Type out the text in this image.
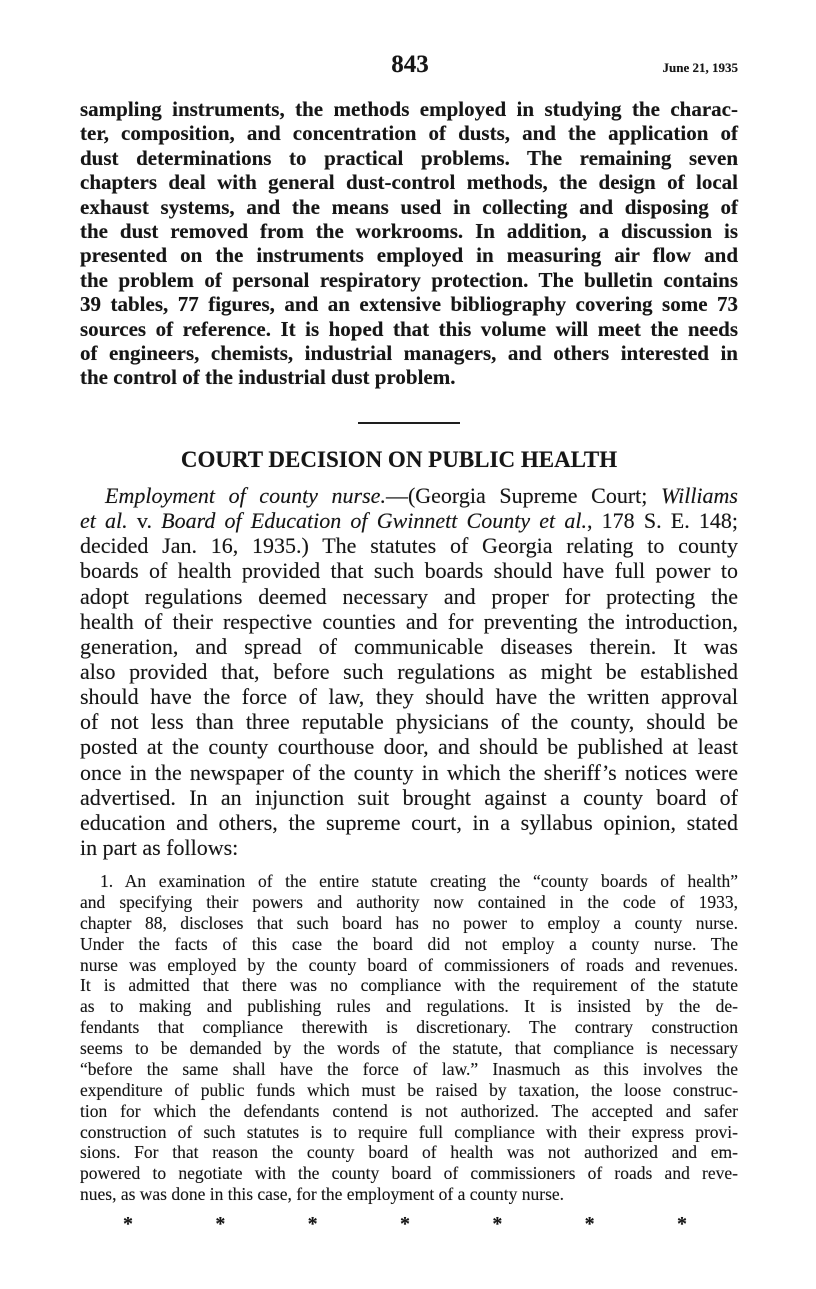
843	June 21, 1935
sampling instruments, the methods employed in studying the charac-
ter, composition, and concentration of dusts, and the application of
dust determinations to practical problems. The remaining seven
chapters deal with general dust-control methods, the design of local
exhaust systems, and the means used in collecting and disposing of
the dust removed from the workrooms. In addition, a discussion is
presented on the instruments employed in measuring air flow and
the problem of personal respiratory protection. The bulletin contains
39 tables, 77 figures, and an extensive bibliography covering some 73
sources of reference. It is hoped that this volume will meet the needs
of engineers, chemists, industrial managers, and others interested in
the control of the industrial dust problem.
COURT DECISION ON PUBLIC HEALTH
Employment of county nurse.—(Georgia Supreme Court; Williams
et al. v. Board of Education of Gwinnett County et al., 178 S. E. 148;
decided Jan. 16, 1935.) The statutes of Georgia relating to county
boards of health provided that such boards should have full power to
adopt regulations deemed necessary and proper for protecting the
health of their respective counties and for preventing the introduction,
generation, and spread of communicable diseases therein. It was
also provided that, before such regulations as might be established
should have the force of law, they should have the written approval
of not less than three reputable physicians of the county, should be
posted at the county courthouse door, and should be published at least
once in the newspaper of the county in which the sheriff’s notices were
advertised. In an injunction suit brought against a county board of
education and others, the supreme court, in a syllabus opinion, stated
in part as follows:
1. An examination of the entire statute creating the “county boards of health”
and specifying their powers and authority now contained in the code of 1933,
chapter 88, discloses that such board has no power to employ a county nurse.
Under the facts of this case the board did not employ a county nurse. The
nurse was employed by the county board of commissioners of roads and revenues.
It is admitted that there was no compliance with the requirement of the statute
as to making and publishing rules and regulations. It is insisted by the de-
fendants that compliance therewith is discretionary. The contrary construction
seems to be demanded by the words of the statute, that compliance is necessary
“before the same shall have the force of law.” Inasmuch as this involves the
expenditure of public funds which must be raised by taxation, the loose construc-
tion for which the defendants contend is not authorized. The accepted and safer
construction of such statutes is to require full compliance with their express provi-
sions. For that reason the county board of health was not authorized and em-
powered to negotiate with the county board of commissioners of roads and reve-
nues, as was done in this case, for the employment of a county nurse.
*	*	*	*	*	*	*
